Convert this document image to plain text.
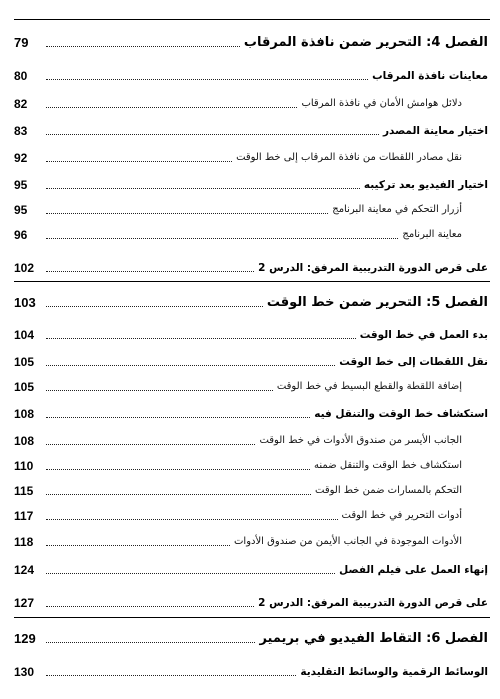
79	الفصل 4: التحرير ضمن نافذة المرقاب
80	معاينات نافذة المرقاب
82	دلائل هوامش الأمان في نافذة المرقاب
83	اختيار معاينة المصدر
92	نقل مصادر اللقطات من نافذة المرقاب إلى خط الوقت
95	اختيار الفيديو بعد تركيبه
95	أزرار التحكم في معاينة البرنامج
96	معاينة البرنامج
102	على قرص الدورة التدريبية المرفق: الدرس 2
103	الفصل 5: التحرير ضمن خط الوقت
104	بدء العمل في خط الوقت
105	نقل اللقطات إلى خط الوقت
105	إضافة اللقطة والقطع البسيط في خط الوقت
108	استكشاف خط الوقت والتنقل فيه
108	الجانب الأيسر من صندوق الأدوات في خط الوقت
110	استكشاف خط الوقت والتنقل ضمنه
115	التحكم بالمسارات ضمن خط الوقت
117	أدوات التحرير في خط الوقت
118	الأدوات الموجودة في الجانب الأيمن من صندوق الأدوات
124	إنهاء العمل على فيلم الفصل
127	على قرص الدورة التدريبية المرفق: الدرس 2
129	الفصل 6: التقاط الفيديو في بريمير
130	الوسائط الرقمية والوسائط التقليدية
